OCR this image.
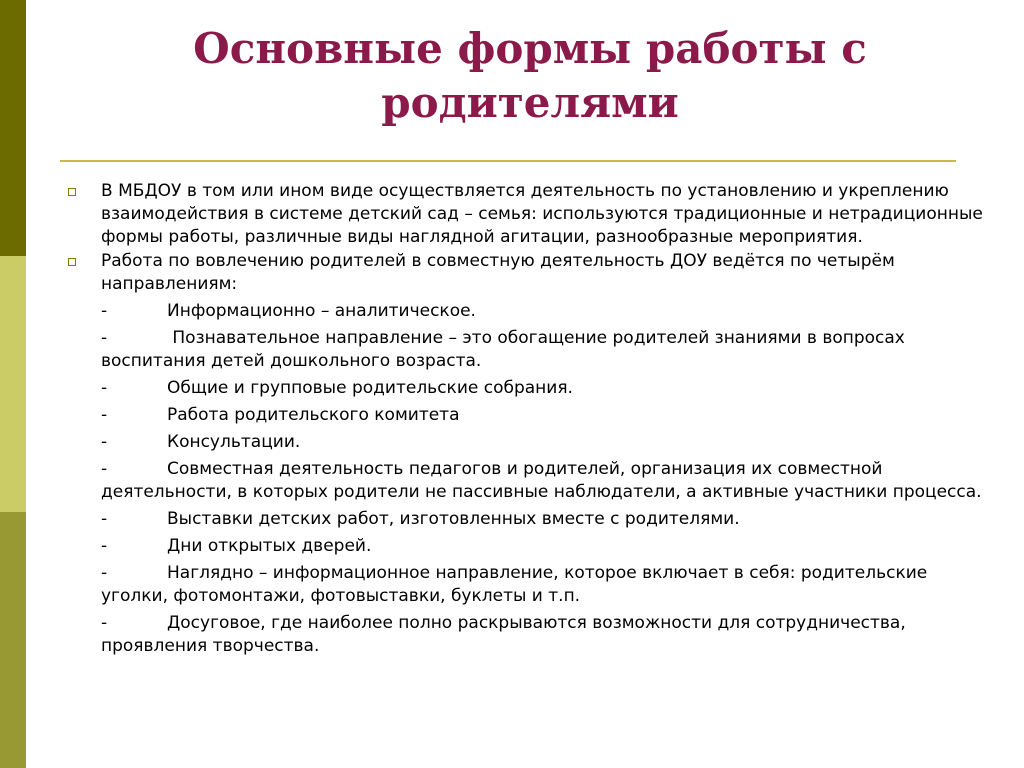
Основные формы работы с
родителями
В МБДОУ в том или ином виде осуществляется деятельность по установлению и укреплению взаимодействия в системе детский сад – семья: используются традиционные и нетрадиционные формы работы, различные виды наглядной агитации, разнообразные мероприятия.
Работа по вовлечению родителей в совместную деятельность ДОУ ведётся по четырём направлениям:
-	Информационно – аналитическое.
-	Познавательное направление – это обогащение родителей знаниями в вопросах воспитания детей дошкольного возраста.
-	Общие и групповые родительские собрания.
-	Работа родительского комитета
-	Консультации.
-	Совместная деятельность педагогов и родителей, организация их совместной деятельности, в которых родители не пассивные наблюдатели, а активные участники процесса.
-	Выставки детских работ, изготовленных вместе с родителями.
-	Дни открытых дверей.
-	Наглядно – информационное направление, которое включает в себя: родительские уголки, фотомонтажи, фотовыставки, буклеты и т.п.
-	Досуговое, где наиболее полно раскрываются возможности для сотрудничества, проявления творчества.
